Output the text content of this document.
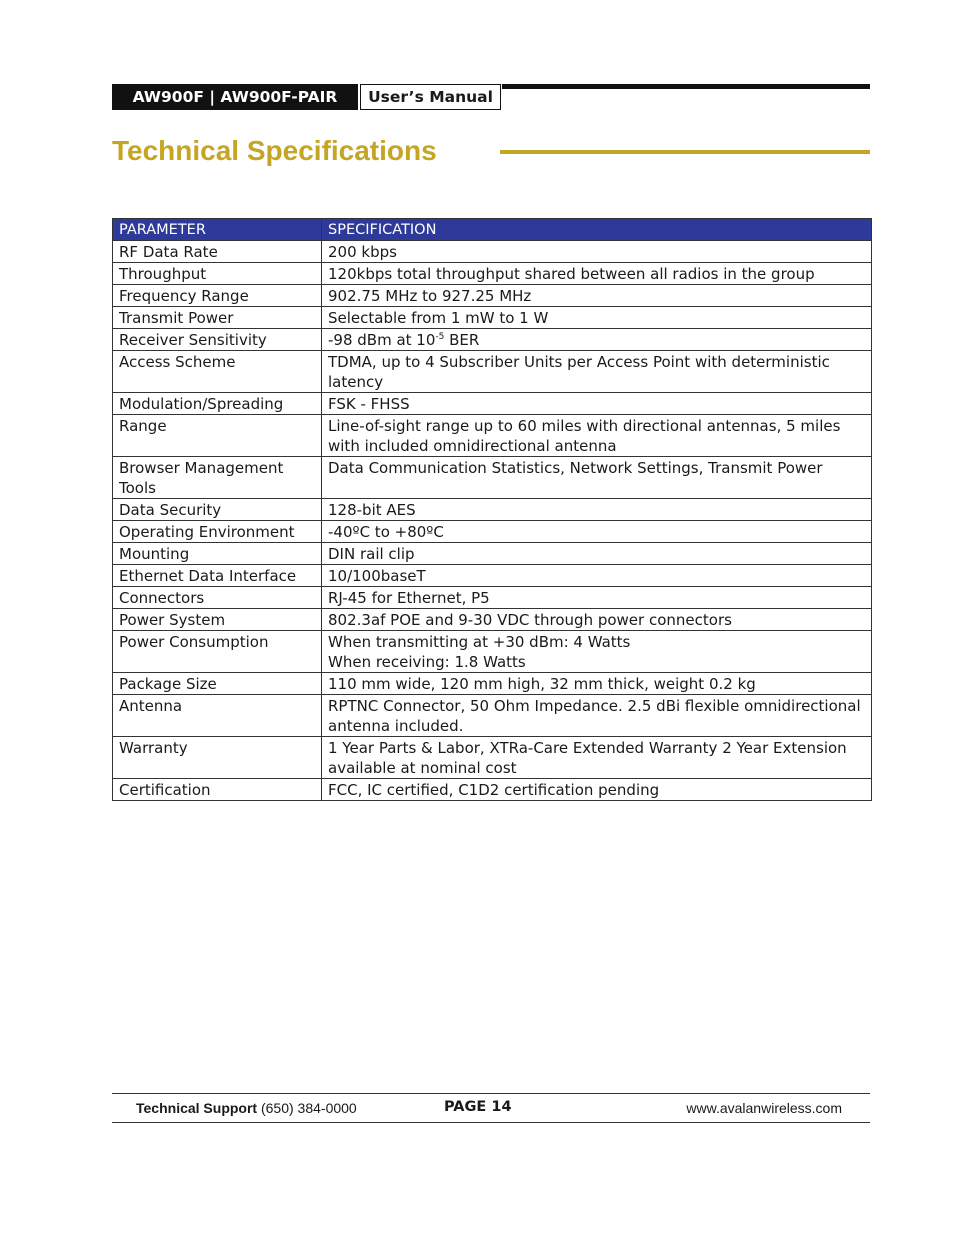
AW900F | AW900F-PAIR	User’s Manual
Technical Specifications
PARAMETER	SPECIFICATION
RF Data Rate	200 kbps
Throughput	120kbps total throughput shared between all radios in the group
Frequency Range	902.75 MHz to 927.25 MHz
Transmit Power	Selectable from 1 mW to 1 W
Receiver Sensitivity	-98 dBm at $10^{-5}$ BER
Access Scheme	TDMA, up to 4 Subscriber Units per Access Point with deterministic latency
Modulation/Spreading	FSK - FHSS
Range	Line-of-sight range up to 60 miles with directional antennas, 5 miles with included omnidirectional antenna
Browser Management Tools	Data Communication Statistics, Network Settings, Transmit Power
Data Security	128-bit AES
Operating Environment	-40ºC to +80ºC
Mounting	DIN rail clip
Ethernet Data Interface	10/100baseT
Connectors	RJ-45 for Ethernet, P5
Power System	802.3af POE and 9-30 VDC through power connectors
Power Consumption	When transmitting at +30 dBm: 4 Watts
When receiving: 1.8 Watts

Package Size	110 mm wide, 120 mm high, 32 mm thick, weight 0.2 kg
Antenna	RPTNC Connector, 50 Ohm Impedance. 2.5 dBi flexible omnidirectional antenna included.
Warranty	1 Year Parts & Labor, XTRa-Care Extended Warranty 2 Year Extension available at nominal cost
Certification	FCC, IC certified, C1D2 certification pending
Technical Support (650) 384-0000	PAGE 14	www.avalanwireless.com
